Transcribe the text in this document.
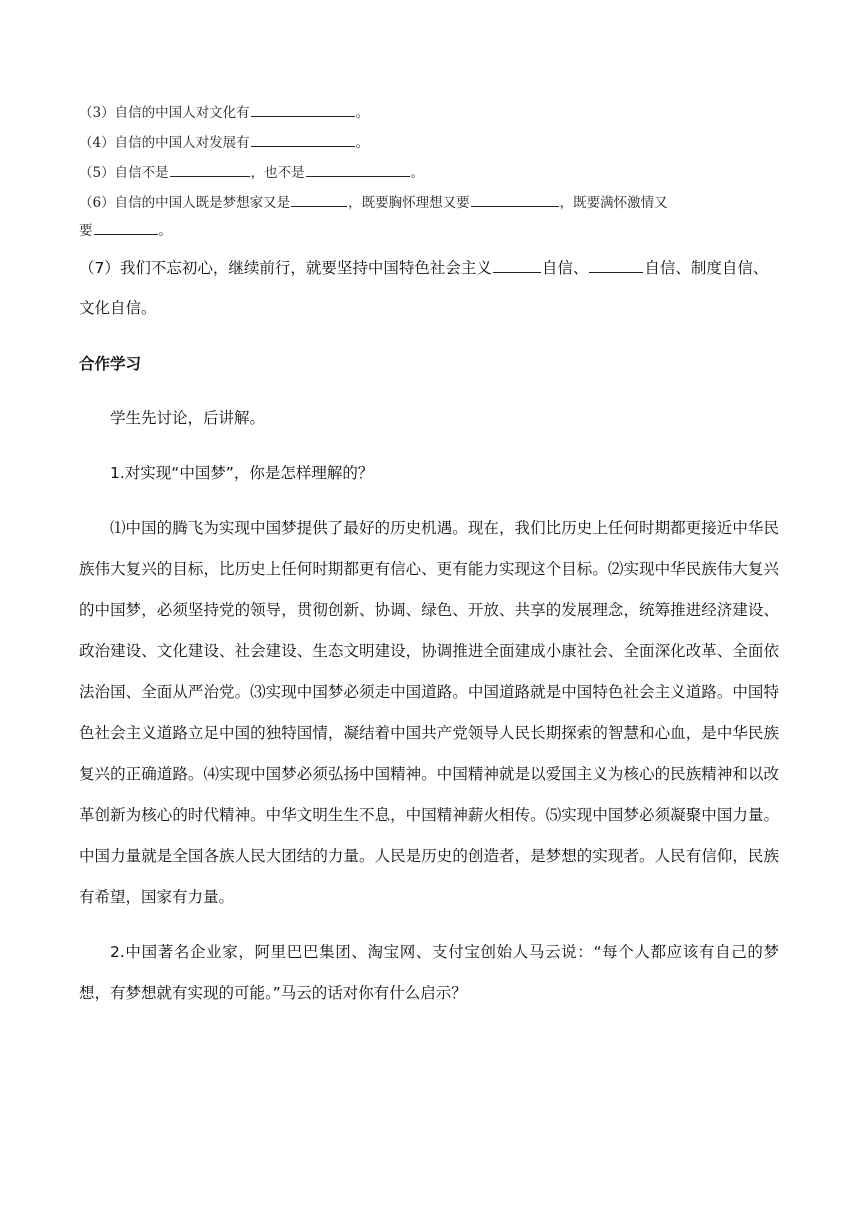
（3）自信的中国人对文化有	。
（4）自信的中国人对发展有	。
（5）自信不是	，也不是	。
（6）自信的中国人既是梦想家又是	，既要胸怀理想又要	，既要满怀激情又
要	。
（7）我们不忘初心，继续前行，就要坚持中国特色社会主义	自信、	自信、制度自信、
文化自信。
合作学习
学生先讨论，后讲解。
1.对实现“中国梦”，你是怎样理解的？
⑴中国的腾飞为实现中国梦提供了最好的历史机遇。现在，我们比历史上任何时期都更接近中华民族伟大复兴的目标，比历史上任何时期都更有信心、更有能力实现这个目标。⑵实现中华民族伟大复兴的中国梦，必须坚持党的领导，贯彻创新、协调、绿色、开放、共享的发展理念，统筹推进经济建设、政治建设、文化建设、社会建设、生态文明建设，协调推进全面建成小康社会、全面深化改革、全面依法治国、全面从严治党。⑶实现中国梦必须走中国道路。中国道路就是中国特色社会主义道路。中国特色社会主义道路立足中国的独特国情，凝结着中国共产党领导人民长期探索的智慧和心血，是中华民族复兴的正确道路。⑷实现中国梦必须弘扬中国精神。中国精神就是以爱国主义为核心的民族精神和以改革创新为核心的时代精神。中华文明生生不息，中国精神薪火相传。⑸实现中国梦必须凝聚中国力量。中国力量就是全国各族人民大团结的力量。人民是历史的创造者，是梦想的实现者。人民有信仰，民族有希望，国家有力量。
2.中国著名企业家，阿里巴巴集团、淘宝网、支付宝创始人马云说：“每个人都应该有自己的梦想，有梦想就有实现的可能。”马云的话对你有什么启示？
